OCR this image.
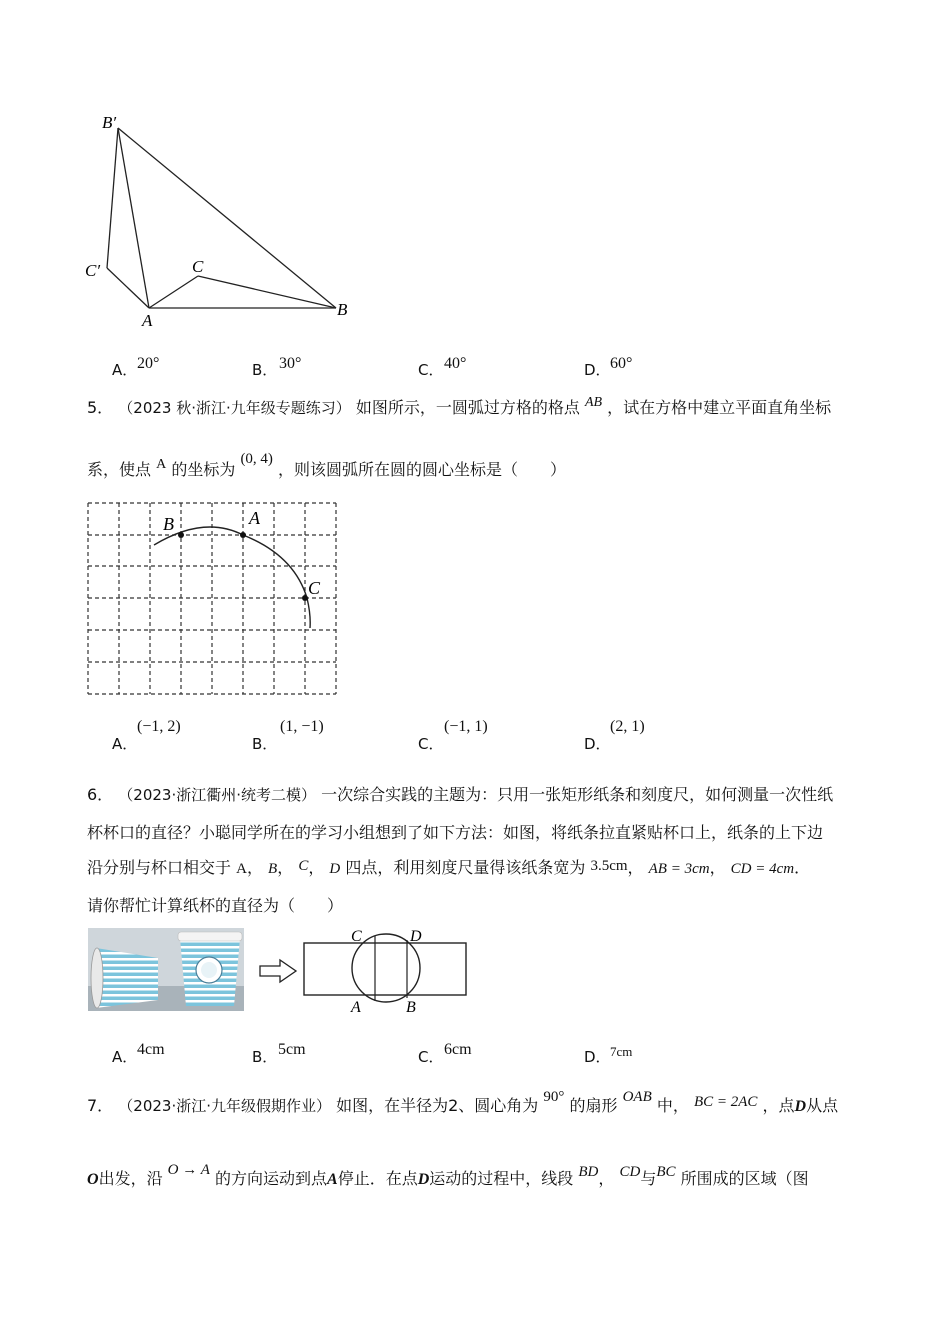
B′
C′	C
A
B
A． 20°	B． 30°	C． 40°	D． 60°
5． （2023 秋·浙江·九年级专题练习） 如图所示，一圆弧过方格的格点 AB ，试在方格中建立平面直角坐标
系，使点 A 的坐标为 (0, 4) ，则该圆弧所在圆的圆心坐标是（　　）
B	A
C
A．
(−1, 2)
B．
(1, −1)
C．
(−1, 1)
D．
(2, 1)
6． （2023·浙江衢州·统考二模） 一次综合实践的主题为：只用一张矩形纸条和刻度尺，如何测量一次性纸
杯杯口的直径？小聪同学所在的学习小组想到了如下方法：如图，将纸条拉直紧贴杯口上，纸条的上下边
沿分别与杯口相交于 A， B， C， D 四点，利用刻度尺量得该纸条宽为 3.5cm， AB = 3cm， CD = 4cm．
请你帮忙计算纸杯的直径为（　　）
C	D
A	B
A． 4cm	B． 5cm	C． 6cm	D． 7cm
7． （2023·浙江·九年级假期作业） 如图，在半径为2、圆心角为 90° 的扇形 OAB 中， BC = 2AC ，点D从点
O出发，沿 O → A 的方向运动到点A停止．在点D运动的过程中，线段 BD， CD与BC 所围成的区域（图
